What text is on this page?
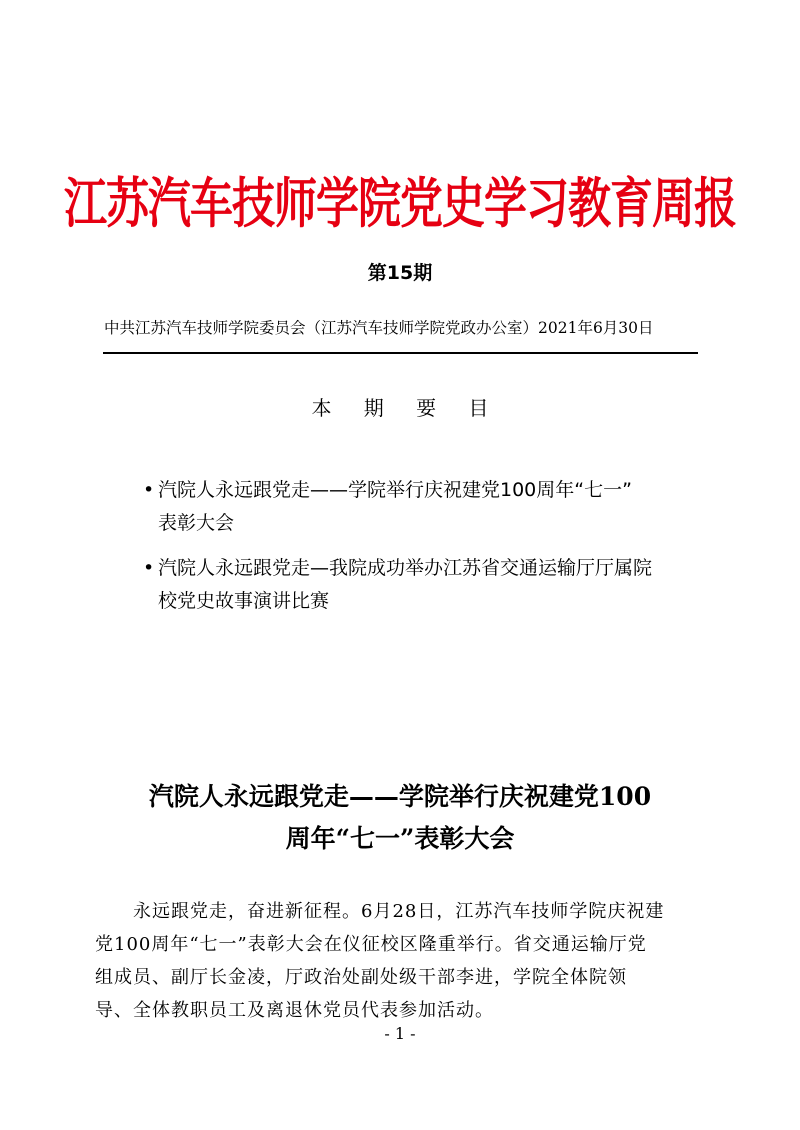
江苏汽车技师学院党史学习教育周报
第15期
中共江苏汽车技师学院委员会（江苏汽车技师学院党政办公室）2021年6月30日
本 期 要 目
• 汽院人永远跟党走——学院举行庆祝建党100周年“七一”
表彰大会
• 汽院人永远跟党走—我院成功举办江苏省交通运输厅厅属院
校党史故事演讲比赛
汽院人永远跟党走——学院举行庆祝建党100
周年“七一”表彰大会
　　永远跟党走，奋进新征程。6月28日，江苏汽车技师学院庆祝建
党100周年“七一”表彰大会在仪征校区隆重举行。省交通运输厅党
组成员、副厅长金凌，厅政治处副处级干部李进，学院全体院领
导、全体教职员工及离退休党员代表参加活动。
- 1 -
